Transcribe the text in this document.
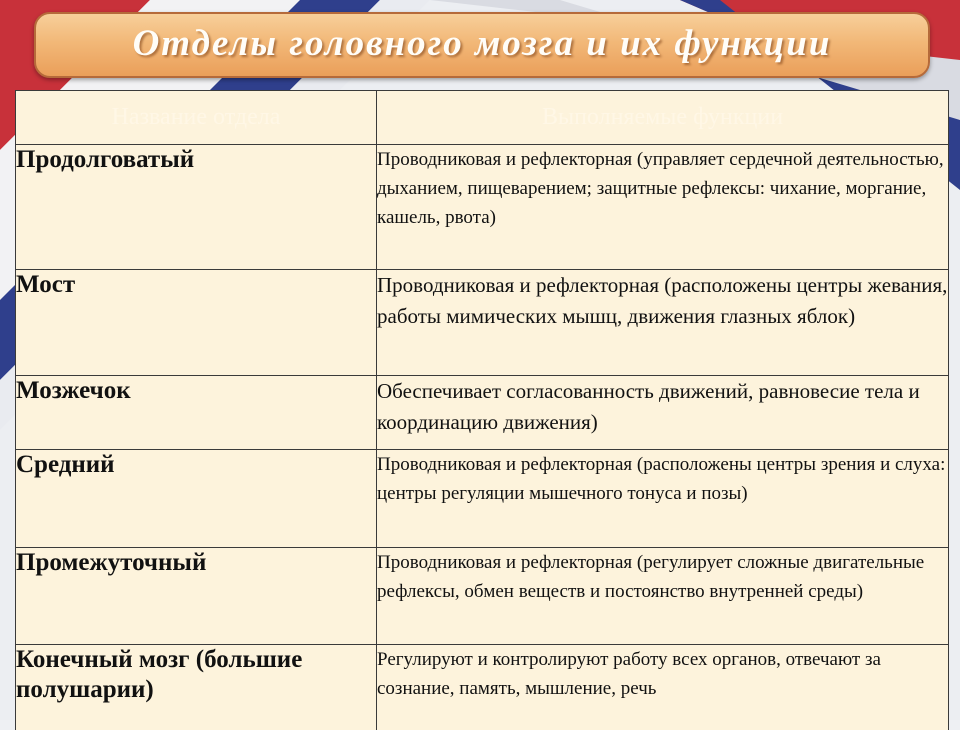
Отделы головного мозга и их функции
Название отдела	Выполняемые функции
Продолговатый	Проводниковая и рефлекторная (управляет сердечной деятельностью, дыханием, пищеварением; защитные рефлексы: чихание, моргание, кашель, рвота)
Мост	Проводниковая и рефлекторная (расположены центры жевания, работы мимических мышц, движения глазных яблок)
Мозжечок	Обеспечивает согласованность движений, равновесие тела и координацию движения)
Средний	Проводниковая и рефлекторная (расположены центры зрения и слуха: центры регуляции мышечного тонуса и позы)
Промежуточный	Проводниковая и рефлекторная (регулирует сложные двигательные рефлексы, обмен веществ и постоянство внутренней среды)
Конечный мозг (большие полушарии)	Регулируют и контролируют работу всех органов, отвечают за сознание, память, мышление, речь
